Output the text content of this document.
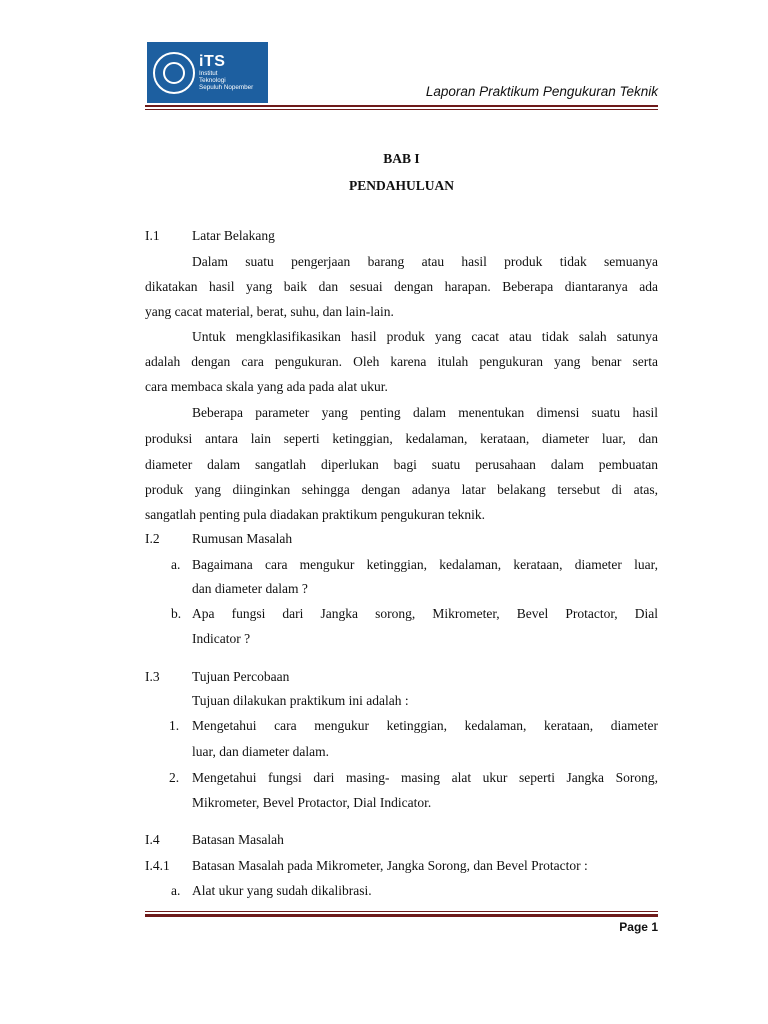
iTS
Institut
Teknologi
Sepuluh Nopember	Laporan Praktikum Pengukuran Teknik
BAB I
PENDAHULUAN
I.1 Latar Belakang
Dalam suatu pengerjaan barang atau hasil produk tidak semuanya
dikatakan hasil yang baik dan sesuai dengan harapan. Beberapa diantaranya ada
yang cacat material, berat, suhu, dan lain-lain.
Untuk mengklasifikasikan hasil produk yang cacat atau tidak salah satunya
adalah dengan cara pengukuran. Oleh karena itulah pengukuran yang benar serta
cara membaca skala yang ada pada alat ukur.
Beberapa parameter yang penting dalam menentukan dimensi suatu hasil
produksi antara lain seperti ketinggian, kedalaman, kerataan, diameter luar, dan
diameter dalam sangatlah diperlukan bagi suatu perusahaan dalam pembuatan
produk yang diinginkan sehingga dengan adanya latar belakang tersebut di atas,
sangatlah penting pula diadakan praktikum pengukuran teknik.
I.2 Rumusan Masalah
a. Bagaimana cara mengukur ketinggian, kedalaman, kerataan, diameter luar,
dan diameter dalam ?
b. Apa fungsi dari Jangka sorong, Mikrometer, Bevel Protactor, Dial
Indicator ?
I.3 Tujuan Percobaan
Tujuan dilakukan praktikum ini adalah :
1. Mengetahui cara mengukur ketinggian, kedalaman, kerataan, diameter
luar, dan diameter dalam.
2. Mengetahui fungsi dari masing- masing alat ukur seperti Jangka Sorong,
Mikrometer, Bevel Protactor, Dial Indicator.
I.4 Batasan Masalah
I.4.1 Batasan Masalah pada Mikrometer, Jangka Sorong, dan Bevel Protactor :
a. Alat ukur yang sudah dikalibrasi.
Page 1
